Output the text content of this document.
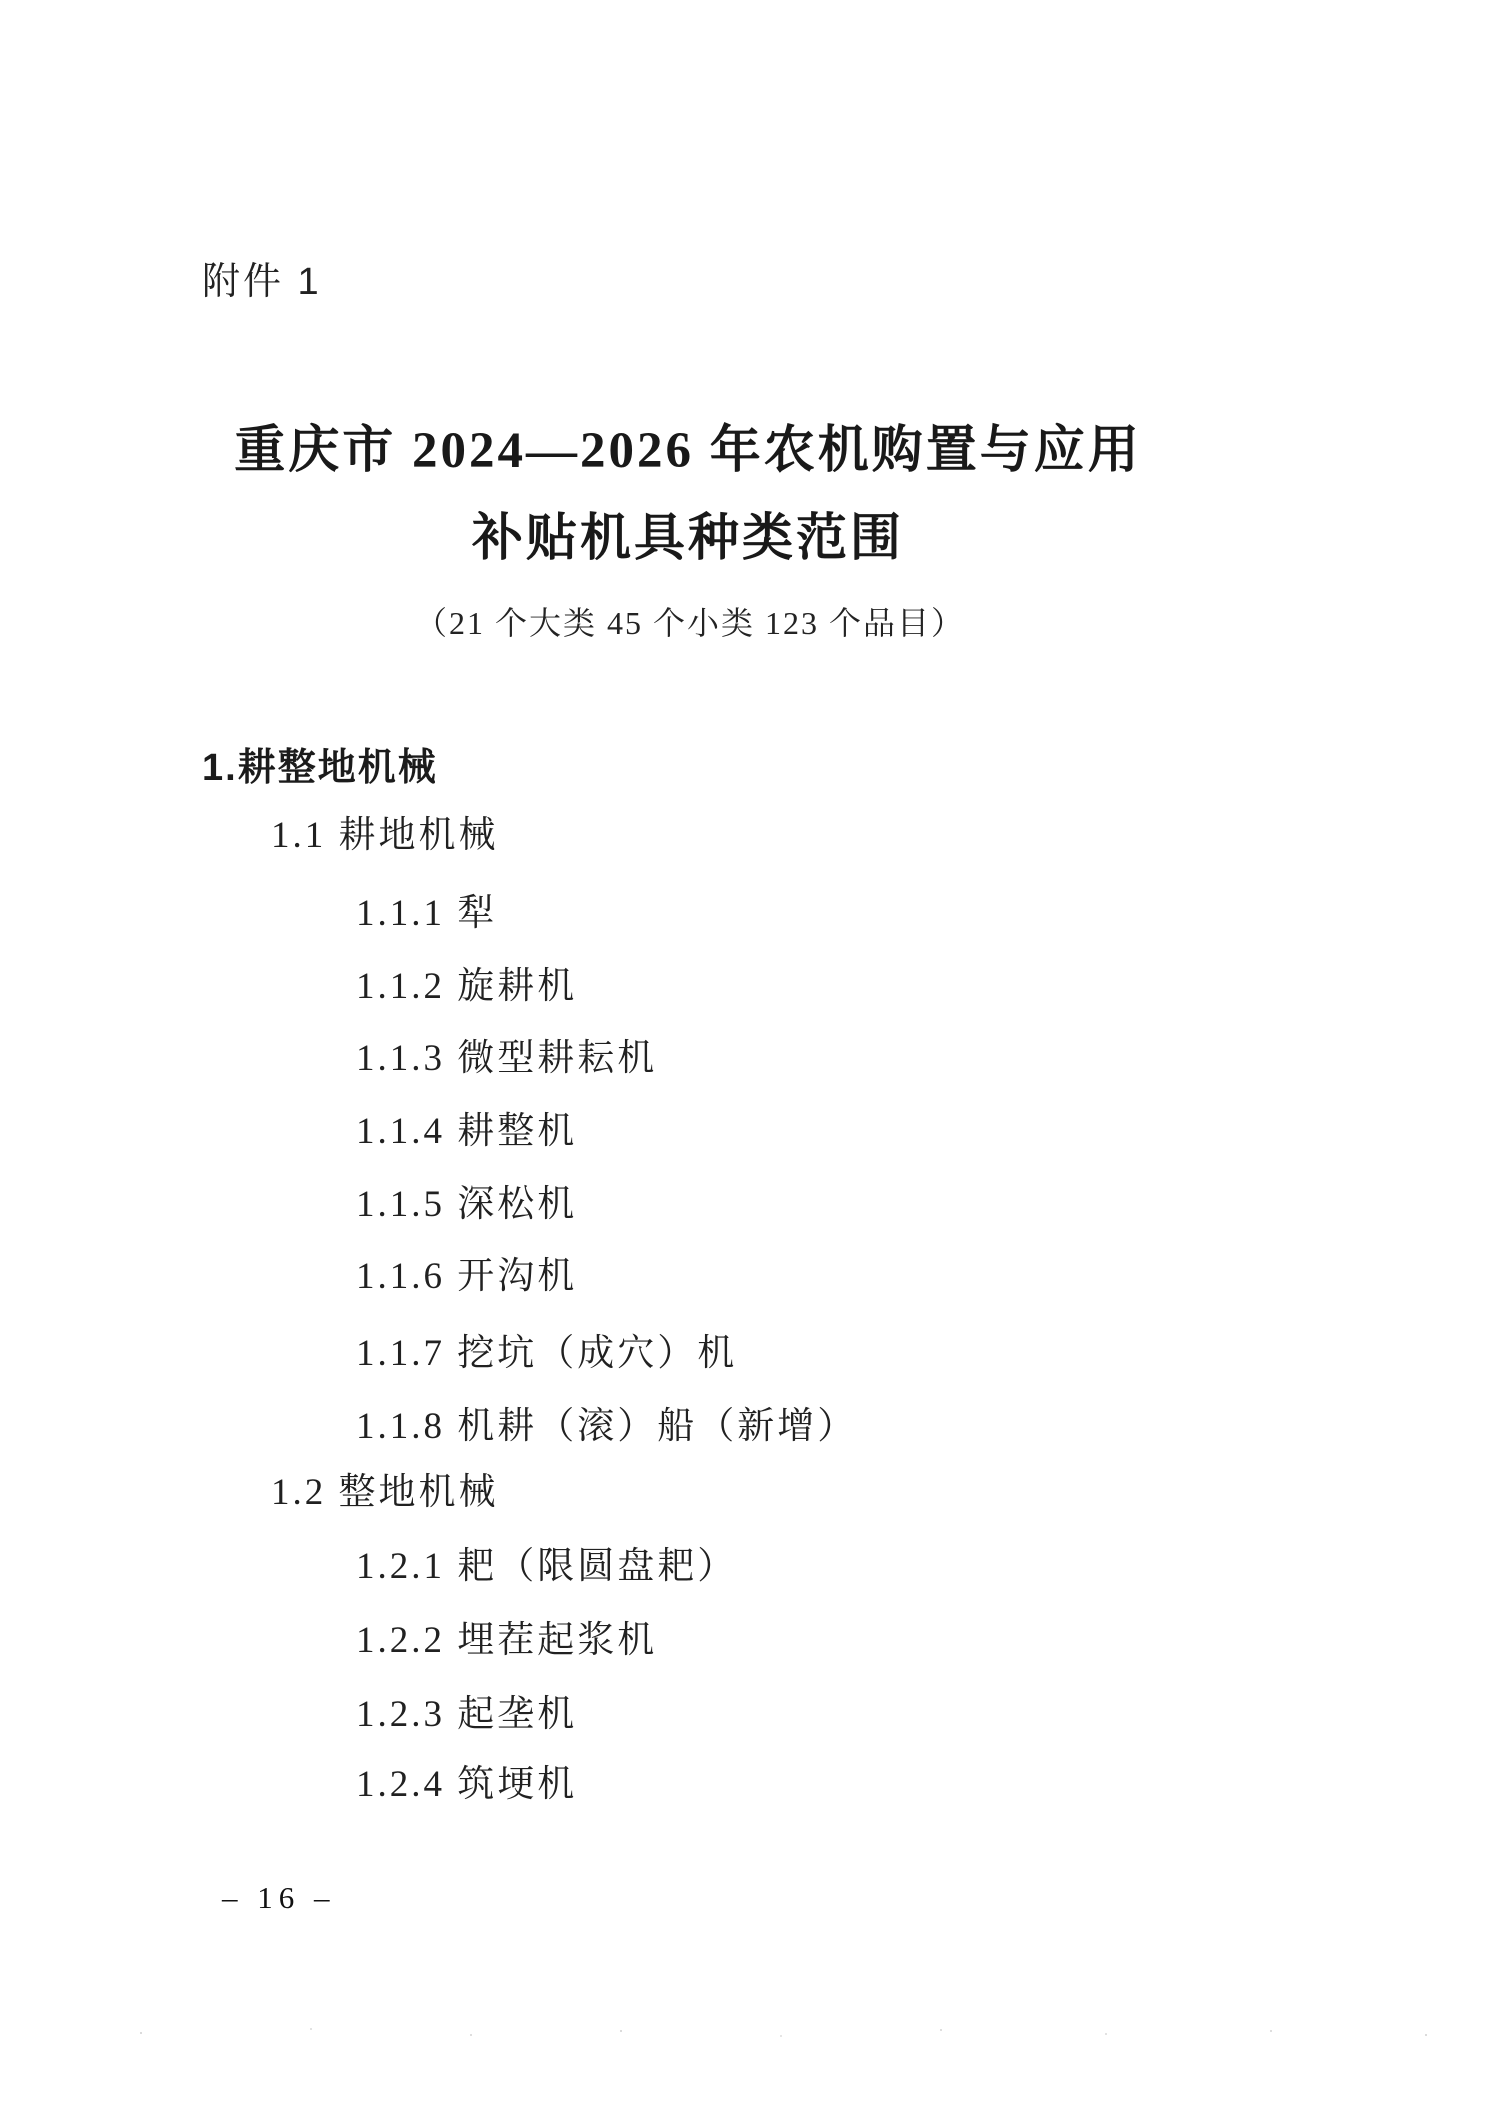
附件 1
重庆市 2024—2026 年农机购置与应用
补贴机具种类范围
（21 个大类 45 个小类 123 个品目）
1.耕整地机械
1.1 耕地机械
1.1.1 犁
1.1.2 旋耕机
1.1.3 微型耕耘机
1.1.4 耕整机
1.1.5 深松机
1.1.6 开沟机
1.1.7 挖坑（成穴）机
1.1.8 机耕（滚）船（新增）
1.2 整地机械
1.2.1 耙（限圆盘耙）
1.2.2 埋茬起浆机
1.2.3 起垄机
1.2.4 筑埂机
– 16 –
